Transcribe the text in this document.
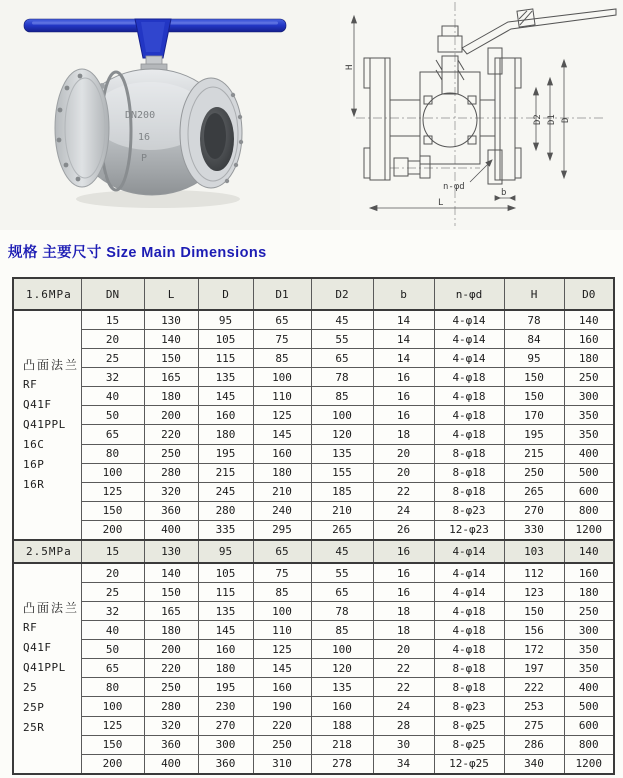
DN200
16
P
H
D2 D1 D
n-φd
b
L
规格 主要尺寸 Size Main Dimensions
1.6MPa	DN	L	D	D1	D2	b	n-φd	H	D0

凸面法兰
RF
Q41F
Q41PPL
16C
16P
16R
	15	130	95	65	45	14	4-φ14	78	140
	20	140	105	75	55	14	4-φ14	84	160
	25	150	115	85	65	14	4-φ14	95	180
	32	165	135	100	78	16	4-φ18	150	250
	40	180	145	110	85	16	4-φ18	150	300
	50	200	160	125	100	16	4-φ18	170	350
	65	220	180	145	120	18	4-φ18	195	350
	80	250	195	160	135	20	8-φ18	215	400
	100	280	215	180	155	20	8-φ18	250	500
	125	320	245	210	185	22	8-φ18	265	600
	150	360	280	240	210	24	8-φ23	270	800
	200	400	335	295	265	26	12-φ23	330	1200
2.5MPa	15	130	95	65	45	16	4-φ14	103	140

凸面法兰
RF
Q41F
Q41PPL
25
25P
25R
	20	140	105	75	55	16	4-φ14	112	160
	25	150	115	85	65	16	4-φ14	123	180
	32	165	135	100	78	18	4-φ18	150	250
	40	180	145	110	85	18	4-φ18	156	300
	50	200	160	125	100	20	4-φ18	172	350
	65	220	180	145	120	22	8-φ18	197	350
	80	250	195	160	135	22	8-φ18	222	400
	100	280	230	190	160	24	8-φ23	253	500
	125	320	270	220	188	28	8-φ25	275	600
	150	360	300	250	218	30	8-φ25	286	800
	200	400	360	310	278	34	12-φ25	340	1200
